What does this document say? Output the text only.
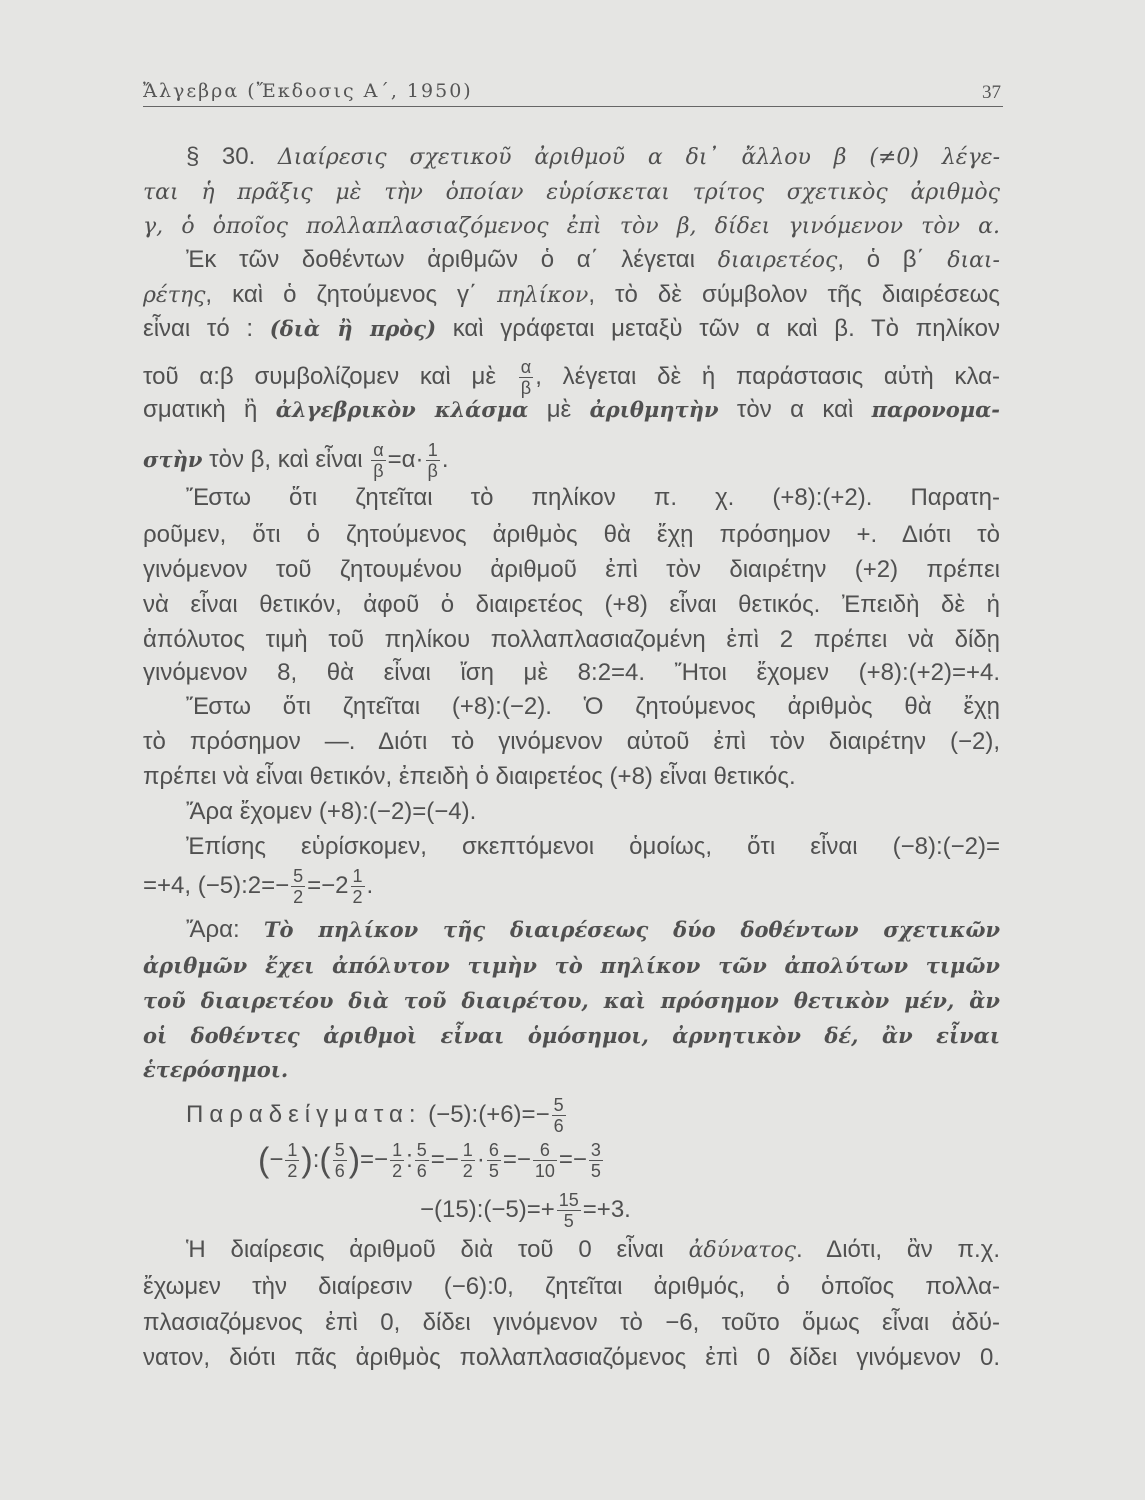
Ἄλγεβρα (Ἔκδοσις Α΄, 1950)	37
§ 30. Διαίρεσις σχετικοῦ ἀριθμοῦ α δι᾽ ἄλλου β (≠0) λέγε-
ται ἡ πρᾶξις μὲ τὴν ὁποίαν εὑρίσκεται τρίτος σχετικὸς ἀριθμὸς
γ, ὁ ὁποῖος πολλαπλασιαζόμενος ἐπὶ τὸν β, δίδει γινόμενον τὸν α.
Ἐκ τῶν δοθέντων ἀριθμῶν ὁ α΄ λέγεται διαιρετέος, ὁ β΄ διαι-
ρέτης, καὶ ὁ ζητούμενος γ΄ πηλίκον, τὸ δὲ σύμβολον τῆς διαιρέσεως
εἶναι τό : (διὰ ἢ πρὸς) καὶ γράφεται μεταξὺ τῶν α καὶ β. Τὸ πηλίκον
τοῦ α:β συμβολίζομεν καὶ μὲ $\frac{\alpha}{\beta}$ , λέγεται δὲ ἡ παράστασις αὐτὴ κλα-
σματικὴ ἢ ἀλγεβρικὸν κλάσμα μὲ ἀριθμητὴν τὸν α καὶ παρονομα-
στὴν τὸν β, καὶ εἶναι $\frac{\alpha}{\beta} =\alpha\cdot \frac{1}{\beta}$ .
Ἔστω ὅτι ζητεῖται τὸ πηλίκον π. χ. (+8):(+2). Παρατη-
ροῦμεν, ὅτι ὁ ζητούμενος ἀριθμὸς θὰ ἔχῃ πρόσημον +. Διότι τὸ
γινόμενον τοῦ ζητουμένου ἀριθμοῦ ἐπὶ τὸν διαιρέτην (+2) πρέπει
νὰ εἶναι θετικόν, ἀφοῦ ὁ διαιρετέος (+8) εἶναι θετικός. Ἐπειδὴ δὲ ἡ
ἀπόλυτος τιμὴ τοῦ πηλίκου πολλαπλασιαζομένη ἐπὶ 2 πρέπει νὰ δίδῃ
γινόμενον 8, θὰ εἶναι ἴση μὲ 8:2=4. Ἤτοι ἔχομεν (+8):(+2)=+4.
Ἔστω ὅτι ζητεῖται (+8):(−2). Ὁ ζητούμενος ἀριθμὸς θὰ ἔχῃ
τὸ πρόσημον —. Διότι τὸ γινόμενον αὐτοῦ ἐπὶ τὸν διαιρέτην (−2),
πρέπει νὰ εἶναι θετικόν, ἐπειδὴ ὁ διαιρετέος (+8) εἶναι θετικός.
Ἄρα ἔχομεν (+8):(−2)=(−4).
Ἐπίσης εὑρίσκομεν, σκεπτόμενοι ὁμοίως, ὅτι εἶναι (−8):(−2)=
=+4, (−5):2=− $\frac{5}{2} =-2 \frac{1}{2}$ .
Ἄρα: Τὸ πηλίκον τῆς διαιρέσεως δύο δοθέντων σχετικῶν
ἀριθμῶν ἔχει ἀπόλυτον τιμὴν τὸ πηλίκον τῶν ἀπολύτων τιμῶν
τοῦ διαιρετέου διὰ τοῦ διαιρέτου, καὶ πρόσημον θετικὸν μέν, ἂν
οἱ δοθέντες ἀριθμοὶ εἶναι ὁμόσημοι, ἀρνητικὸν δέ, ἂν εἶναι
ἑτερόσημοι.
Παραδείγματα: (−5):(+6)=− $\frac{5}{6}$
(− $\frac{1}{2}$ ):( $\frac{5}{6}$ )=− $\frac{1}{2}$ : $\frac{5}{6} =- \frac{1}{2} \cdot \frac{6}{5} =- \frac{6}{10} =- \frac{3}{5}$
−(15):(−5)=+ $\frac{15}{5} =+3$.
Ἡ διαίρεσις ἀριθμοῦ διὰ τοῦ 0 εἶναι ἀδύνατος. Διότι, ἂν π.χ.
ἔχωμεν τὴν διαίρεσιν (−6):0, ζητεῖται ἀριθμός, ὁ ὁποῖος πολλα-
πλασιαζόμενος ἐπὶ 0, δίδει γινόμενον τὸ −6, τοῦτο ὅμως εἶναι ἀδύ-
νατον, διότι πᾶς ἀριθμὸς πολλαπλασιαζόμενος ἐπὶ 0 δίδει γινόμενον 0.
